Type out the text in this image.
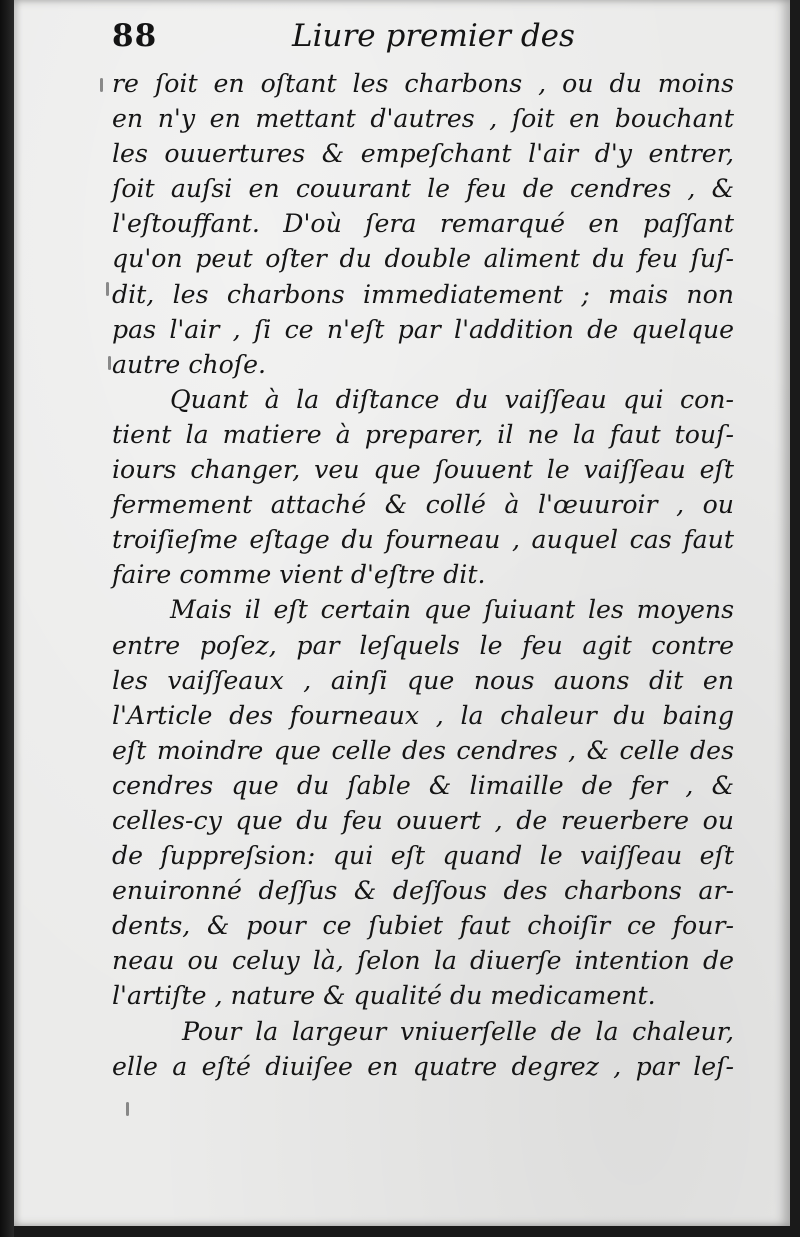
88	Liure premier des
re ſoit en oſtant les charbons , ou du moins
en n'y en mettant d'autres , ſoit en bouchant
les ouuertures & empeſchant l'air d'y entrer,
ſoit auſsi en couurant le feu de cendres , &
l'eſtouffant. D'où ſera remarqué en paſſant
qu'on peut oſter du double aliment du feu ſuſ-
dit, les charbons immediatement ; mais non
pas l'air , ſi ce n'eſt par l'addition de quelque
autre choſe.
Quant à la diſtance du vaiſſeau qui con-
tient la matiere à preparer, il ne la faut touſ-
iours changer, veu que ſouuent le vaiſſeau eſt
fermement attaché & collé à l'œuuroir , ou
troiſieſme eſtage du fourneau , auquel cas faut
faire comme vient d'eſtre dit.
Mais il eſt certain que ſuiuant les moyens
entre poſez, par leſquels le feu agit contre
les vaiſſeaux , ainſi que nous auons dit en
l'Article des fourneaux , la chaleur du baing
eſt moindre que celle des cendres , & celle des
cendres que du ſable & limaille de fer , &
celles-cy que du feu ouuert , de reuerbere ou
de ſuppreſsion: qui eſt quand le vaiſſeau eſt
enuironné deſſus & deſſous des charbons ar-
dents, & pour ce ſubiet faut choiſir ce four-
neau ou celuy là, ſelon la diuerſe intention de
l'artiſte , nature & qualité du medicament.
Pour la largeur vniuerſelle de la chaleur,
elle a eſté diuiſee en quatre degrez , par leſ-
